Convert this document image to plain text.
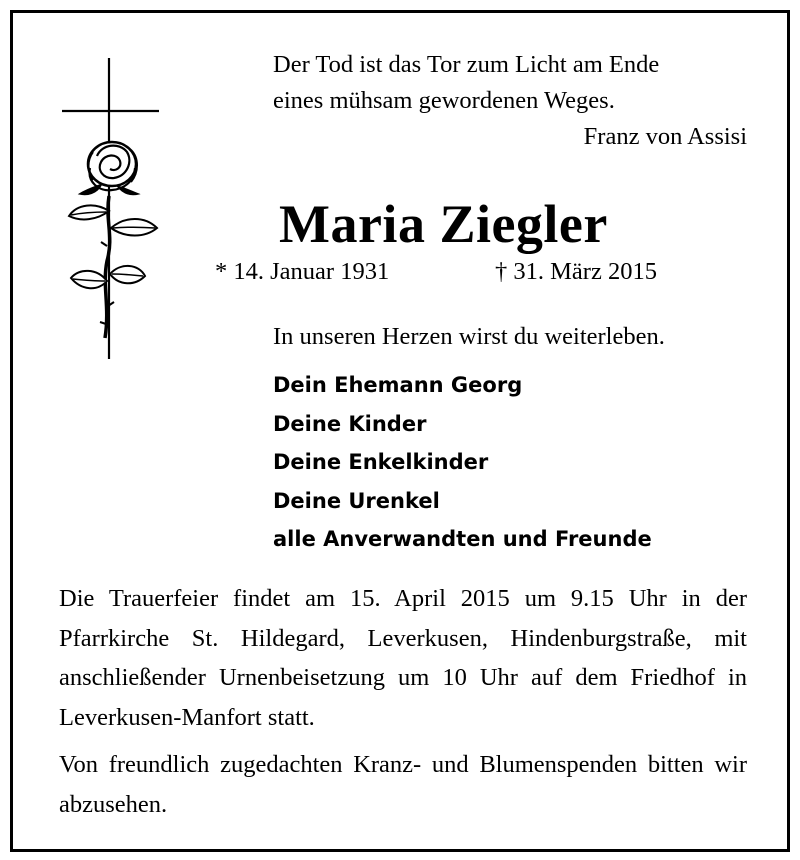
Der Tod ist das Tor zum Licht am Ende
eines mühsam gewordenen Weges.
Franz von Assisi
Maria Ziegler
* 14. Januar 1931	† 31. März 2015
In unseren Herzen wirst du weiterleben.
Dein Ehemann Georg
Deine Kinder
Deine Enkelkinder
Deine Urenkel
alle Anverwandten und Freunde

Die Trauerfeier findet am 15. April 2015 um 9.15 Uhr in der Pfarrkirche St. Hildegard, Leverkusen, Hindenburgstraße, mit anschließender Urnenbeisetzung um 10 Uhr auf dem Friedhof in Leverkusen-Manfort statt.

Von freundlich zugedachten Kranz- und Blumenspenden bitten wir abzusehen.
